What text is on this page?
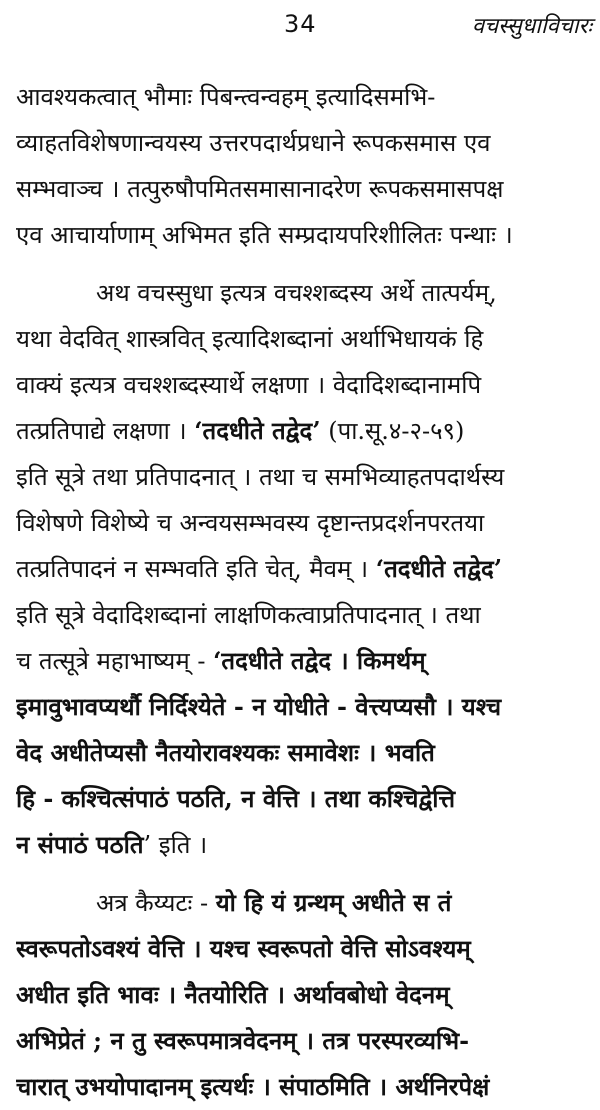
34	वचस्सुधाविचारः
आवश्यकत्वात् भौमाः पिबन्त्वन्वहम् इत्यादिसमभि-
व्याहतविशेषणान्वयस्य उत्तरपदार्थप्रधाने रूपकसमास एव
सम्भवाञ्च । तत्पुरुषौपमितसमासानादरेण रूपकसमासपक्ष
एव आचार्याणाम् अभिमत इति सम्प्रदायपरिशीलितः पन्थाः ।
अथ वचस्सुधा इत्यत्र वचश्शब्दस्य अर्थे तात्पर्यम्,
यथा वेदवित् शास्त्रवित् इत्यादिशब्दानां अर्थाभिधायकं हि
वाक्यं इत्यत्र वचश्शब्दस्यार्थे लक्षणा । वेदादिशब्दानामपि
तत्प्रतिपाद्ये लक्षणा । ‘तदधीते तद्वेद’ (पा.सू.४-२-५९)
इति सूत्रे तथा प्रतिपादनात् । तथा च समभिव्याहतपदार्थस्य
विशेषणे विशेष्ये च अन्वयसम्भवस्य दृष्टान्तप्रदर्शनपरतया
तत्प्रतिपादनं न सम्भवति इति चेत्, मैवम् । ‘तदधीते तद्वेद’
इति सूत्रे वेदादिशब्दानां लाक्षणिकत्वाप्रतिपादनात् । तथा
च तत्सूत्रे महाभाष्यम् - ‘तदधीते तद्वेद । किमर्थम्
इमावुभावप्यर्थौ निर्दिश्येते - न योधीते - वेत्त्यप्यसौ । यश्च
वेद अधीतेप्यसौ नैतयोरावश्यकः समावेशः । भवति
हि - कश्चित्संपाठं पठति, न वेत्ति । तथा कश्चिद्वेत्ति
न संपाठं पठति’ इति ।
अत्र कैय्यटः - यो हि यं ग्रन्थम् अधीते स तं
स्वरूपतोऽवश्यं वेत्ति । यश्च स्वरूपतो वेत्ति सोऽवश्यम्
अधीत इति भावः । नैतयोरिति । अर्थावबोधो वेदनम्
अभिप्रेतं ; न तु स्वरूपमात्रवेदनम् । तत्र परस्परव्यभि-
चारात् उभयोपादानम् इत्यर्थः । संपाठमिति । अर्थनिरपेक्षं
